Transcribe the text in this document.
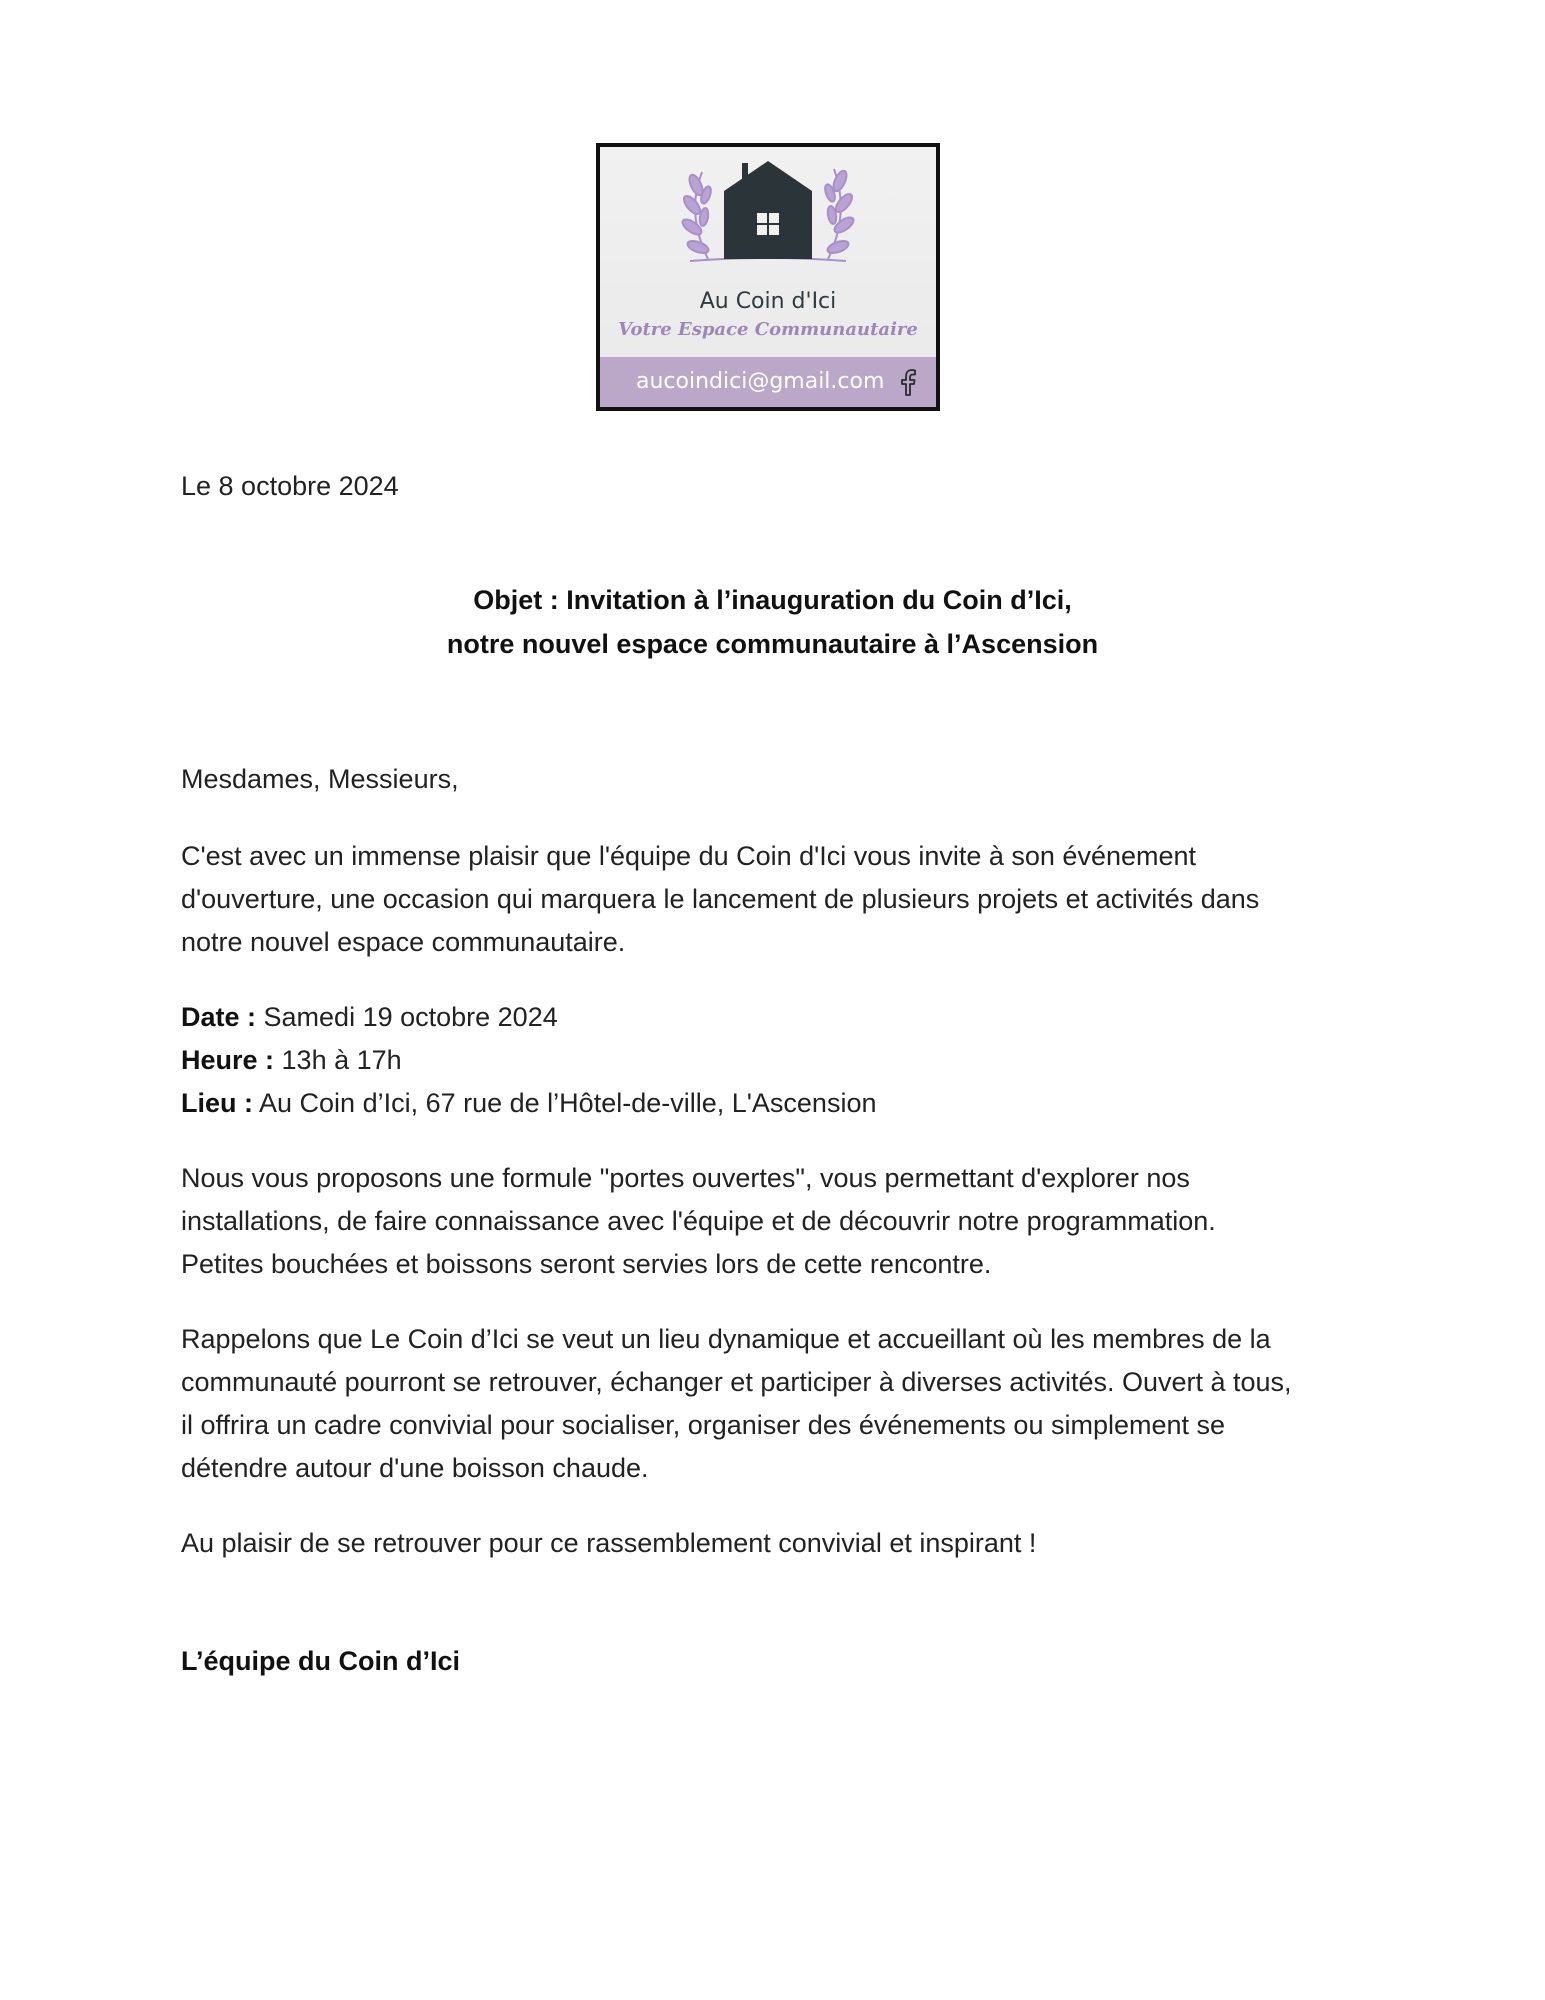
Au Coin d'Ici
Votre Espace Communautaire
aucoindici@gmail.com

Le 8 octobre 2024

Objet : Invitation à l’inauguration du Coin d’Ici,
notre nouvel espace communautaire à l’Ascension

Mesdames, Messieurs,

C'est avec un immense plaisir que l'équipe du Coin d'Ici vous invite à son événement
d'ouverture, une occasion qui marquera le lancement de plusieurs projets et activités dans
notre nouvel espace communautaire.

Date : Samedi 19 octobre 2024
Heure : 13h à 17h
Lieu : Au Coin d’Ici, 67 rue de l’Hôtel-de-ville, L'Ascension

Nous vous proposons une formule "portes ouvertes", vous permettant d'explorer nos
installations, de faire connaissance avec l'équipe et de découvrir notre programmation.
Petites bouchées et boissons seront servies lors de cette rencontre.

Rappelons que Le Coin d’Ici se veut un lieu dynamique et accueillant où les membres de la
communauté pourront se retrouver, échanger et participer à diverses activités. Ouvert à tous,
il offrira un cadre convivial pour socialiser, organiser des événements ou simplement se
détendre autour d'une boisson chaude.

Au plaisir de se retrouver pour ce rassemblement convivial et inspirant !

L’équipe du Coin d’Ici
